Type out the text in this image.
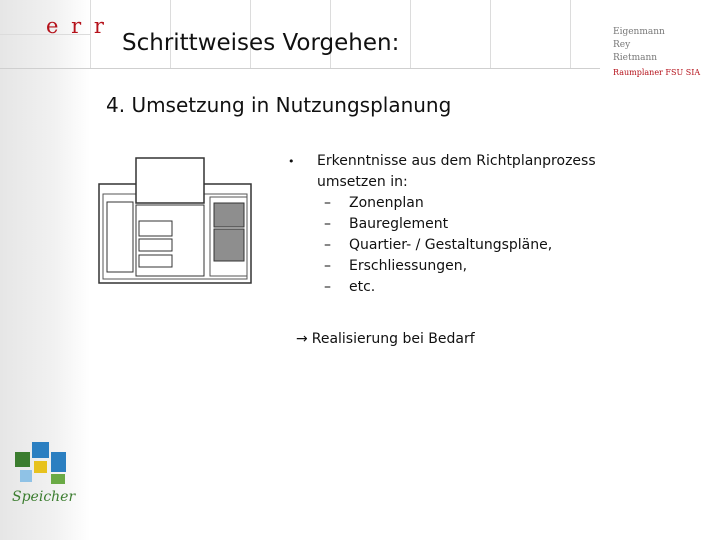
e r r
Schrittweises Vorgehen:	Eigenmann
Rey
Rietmann
Raumplaner FSU SIA
4. Umsetzung in Nutzungsplanung
•	Erkenntnisse aus dem Richtplanprozess umsetzen in:
–	Zonenplan
–	Baureglement
–	Quartier- / Gestaltungspläne,
–	Erschliessungen,
–	etc.
→ Realisierung bei Bedarf
Speicher
